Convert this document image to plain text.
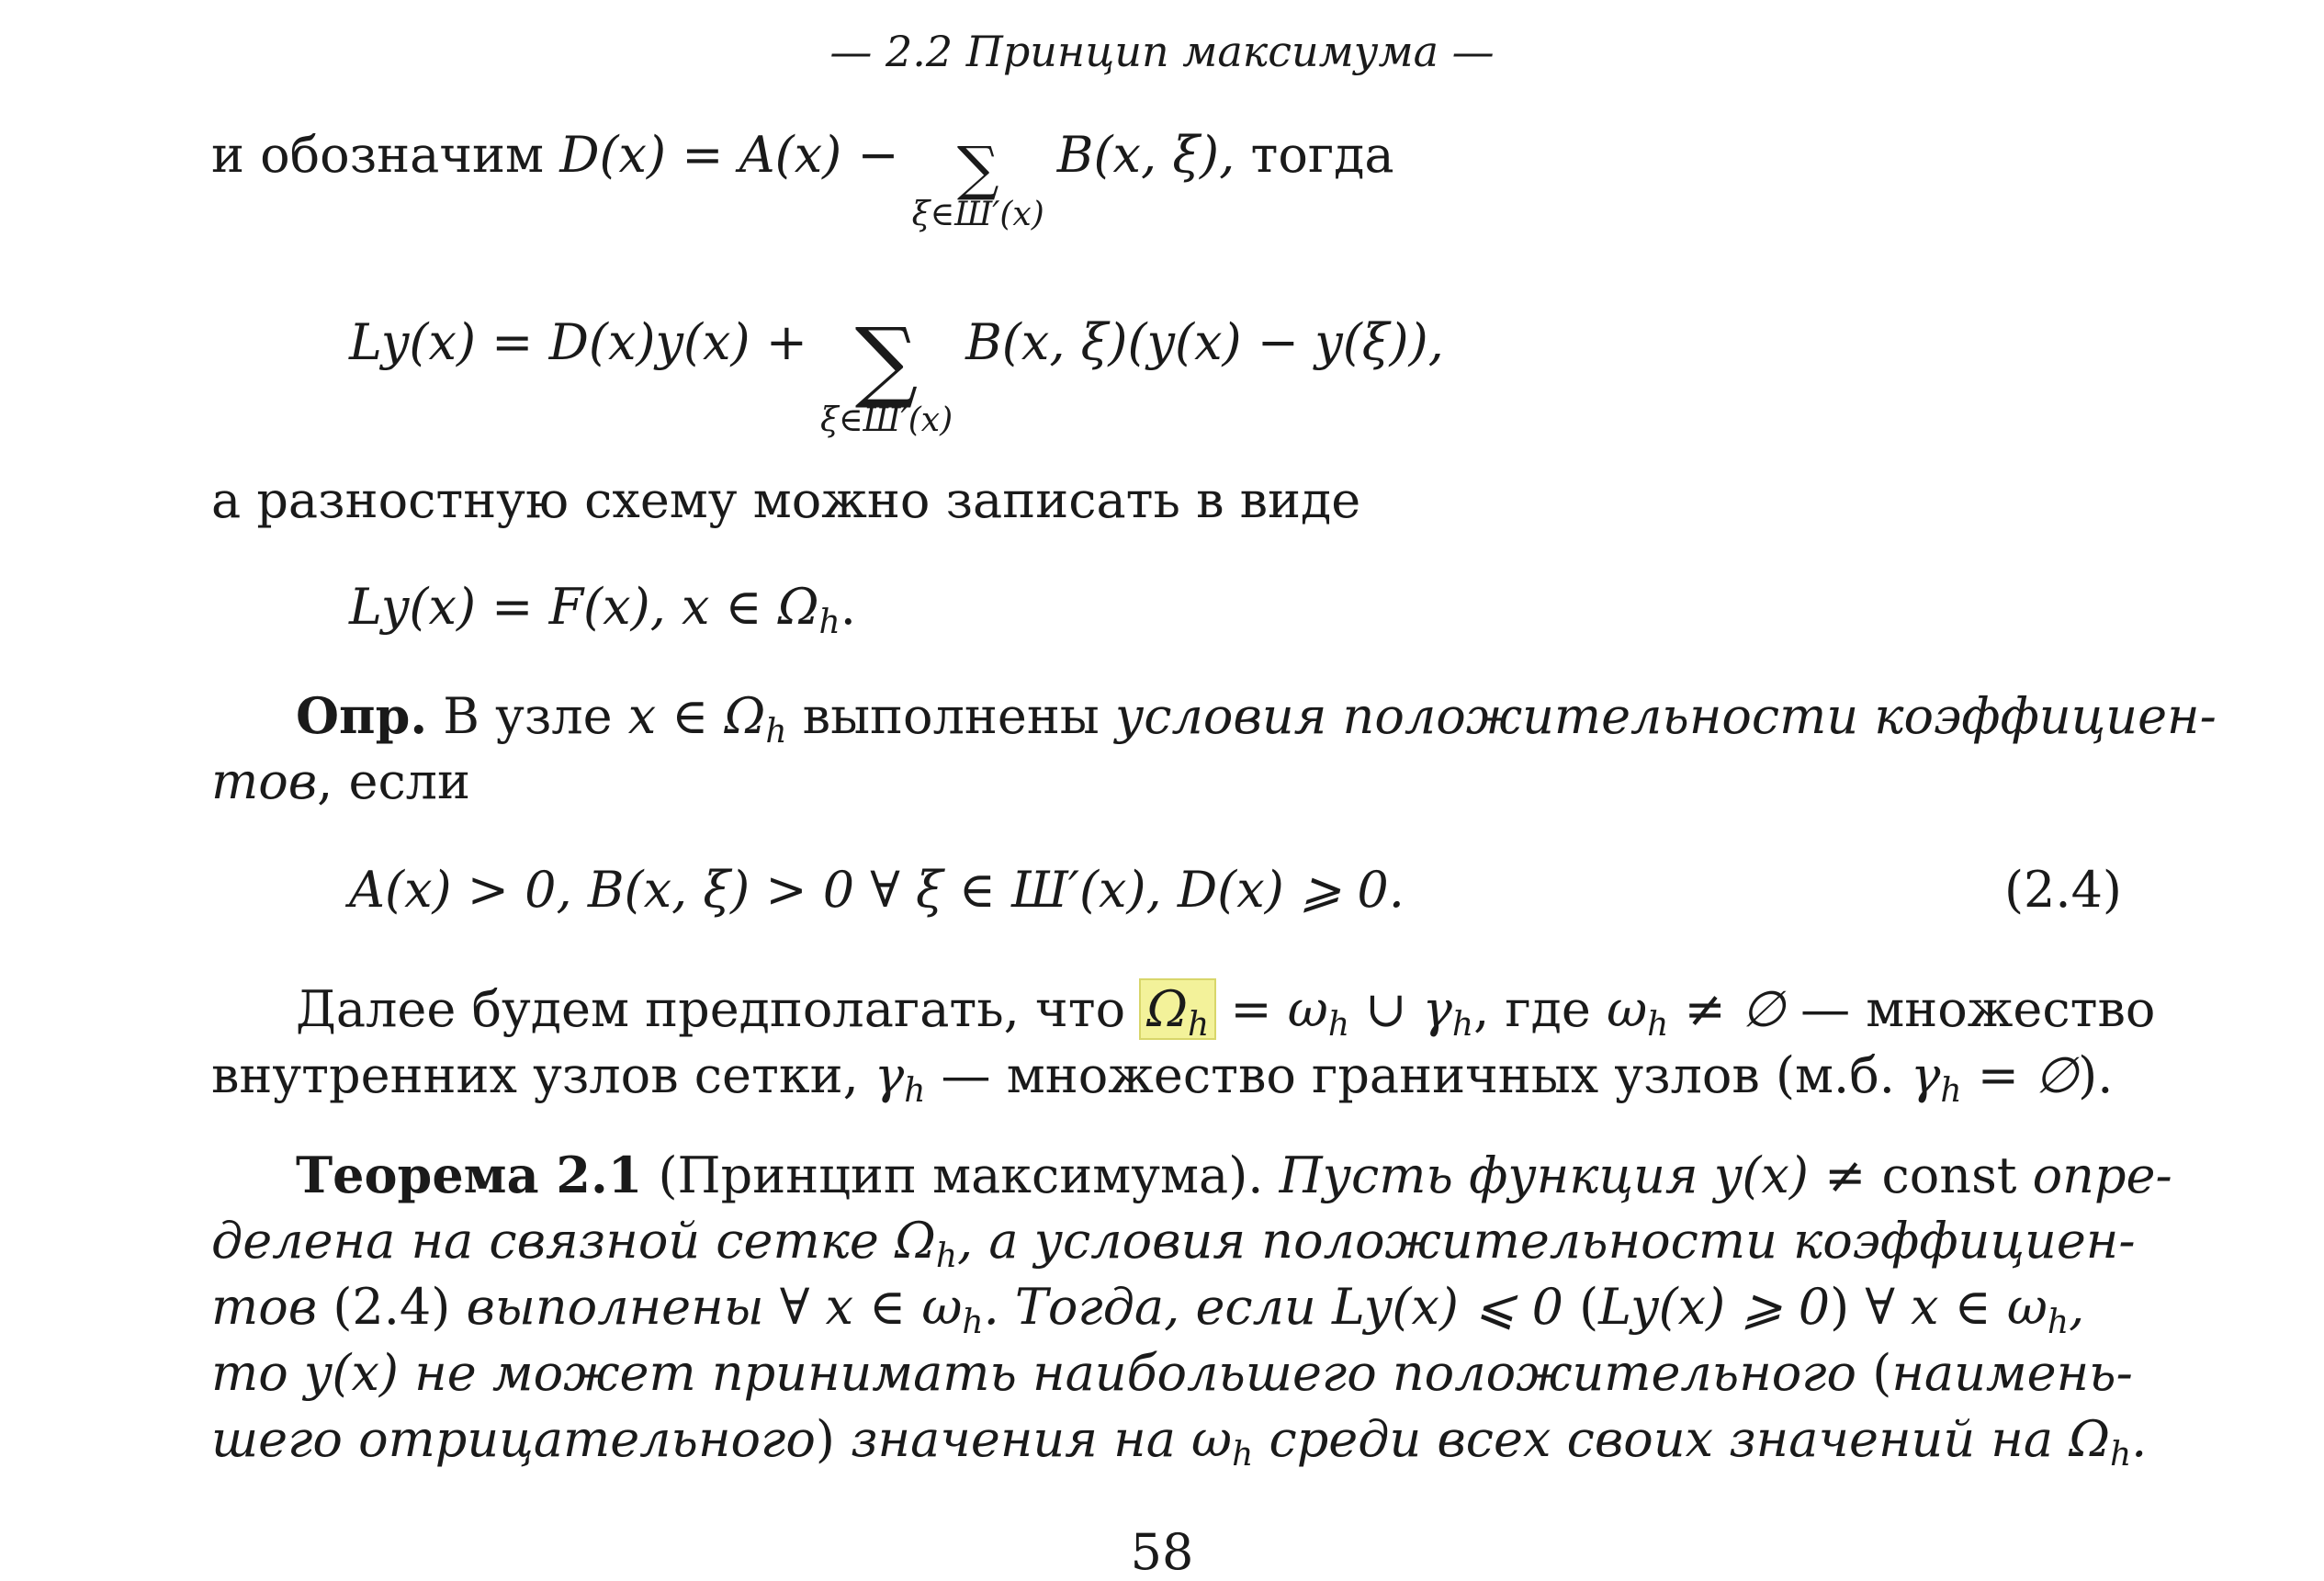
— 2.2 Принцип максимума —
и обозначим D(x) = A(x) − ∑
ξ∈Ш′(x)
B(x, ξ), тогда
Ly(x) = D(x)y(x) + ∑
ξ∈Ш′(x)
B(x, ξ)(y(x) − y(ξ)),
а разностную схему можно записать в виде
Ly(x) = F(x), x ∈ $\Omega_h$.
Опр. В узле x ∈ $\Omega_h$ выполнены условия положительности коэффициен-
тов, если
A(x) > 0, B(x, ξ) > 0 ∀ ξ ∈ Ш′(x), D(x) ⩾ 0.	(2.4)
Далее будем предполагать, что $\Omega_h = \omega_h$ ∪ $\gamma_h$, где $\omega_h$ ≠ ∅ — множество
внутренних узлов сетки, $\gamma_h$ — множество граничных узлов (м.б. $\gamma_h$ = ∅).
Теорема 2.1 (Принцип максимума). Пусть функция y(x) ≠ const опре-
делена на связной сетке $\Omega_h$, а условия положительности коэффициен-
тов (2.4) выполнены ∀ x ∈ $\omega_h$. Тогда, если Ly(x) ⩽ 0 (Ly(x) ⩾ 0) ∀ x ∈ $\omega_h$,
то y(x) не может принимать наибольшего положительного (наимень-
шего отрицательного) значения на $\omega_h$ среди всех своих значений на $\Omega_h$.
58
